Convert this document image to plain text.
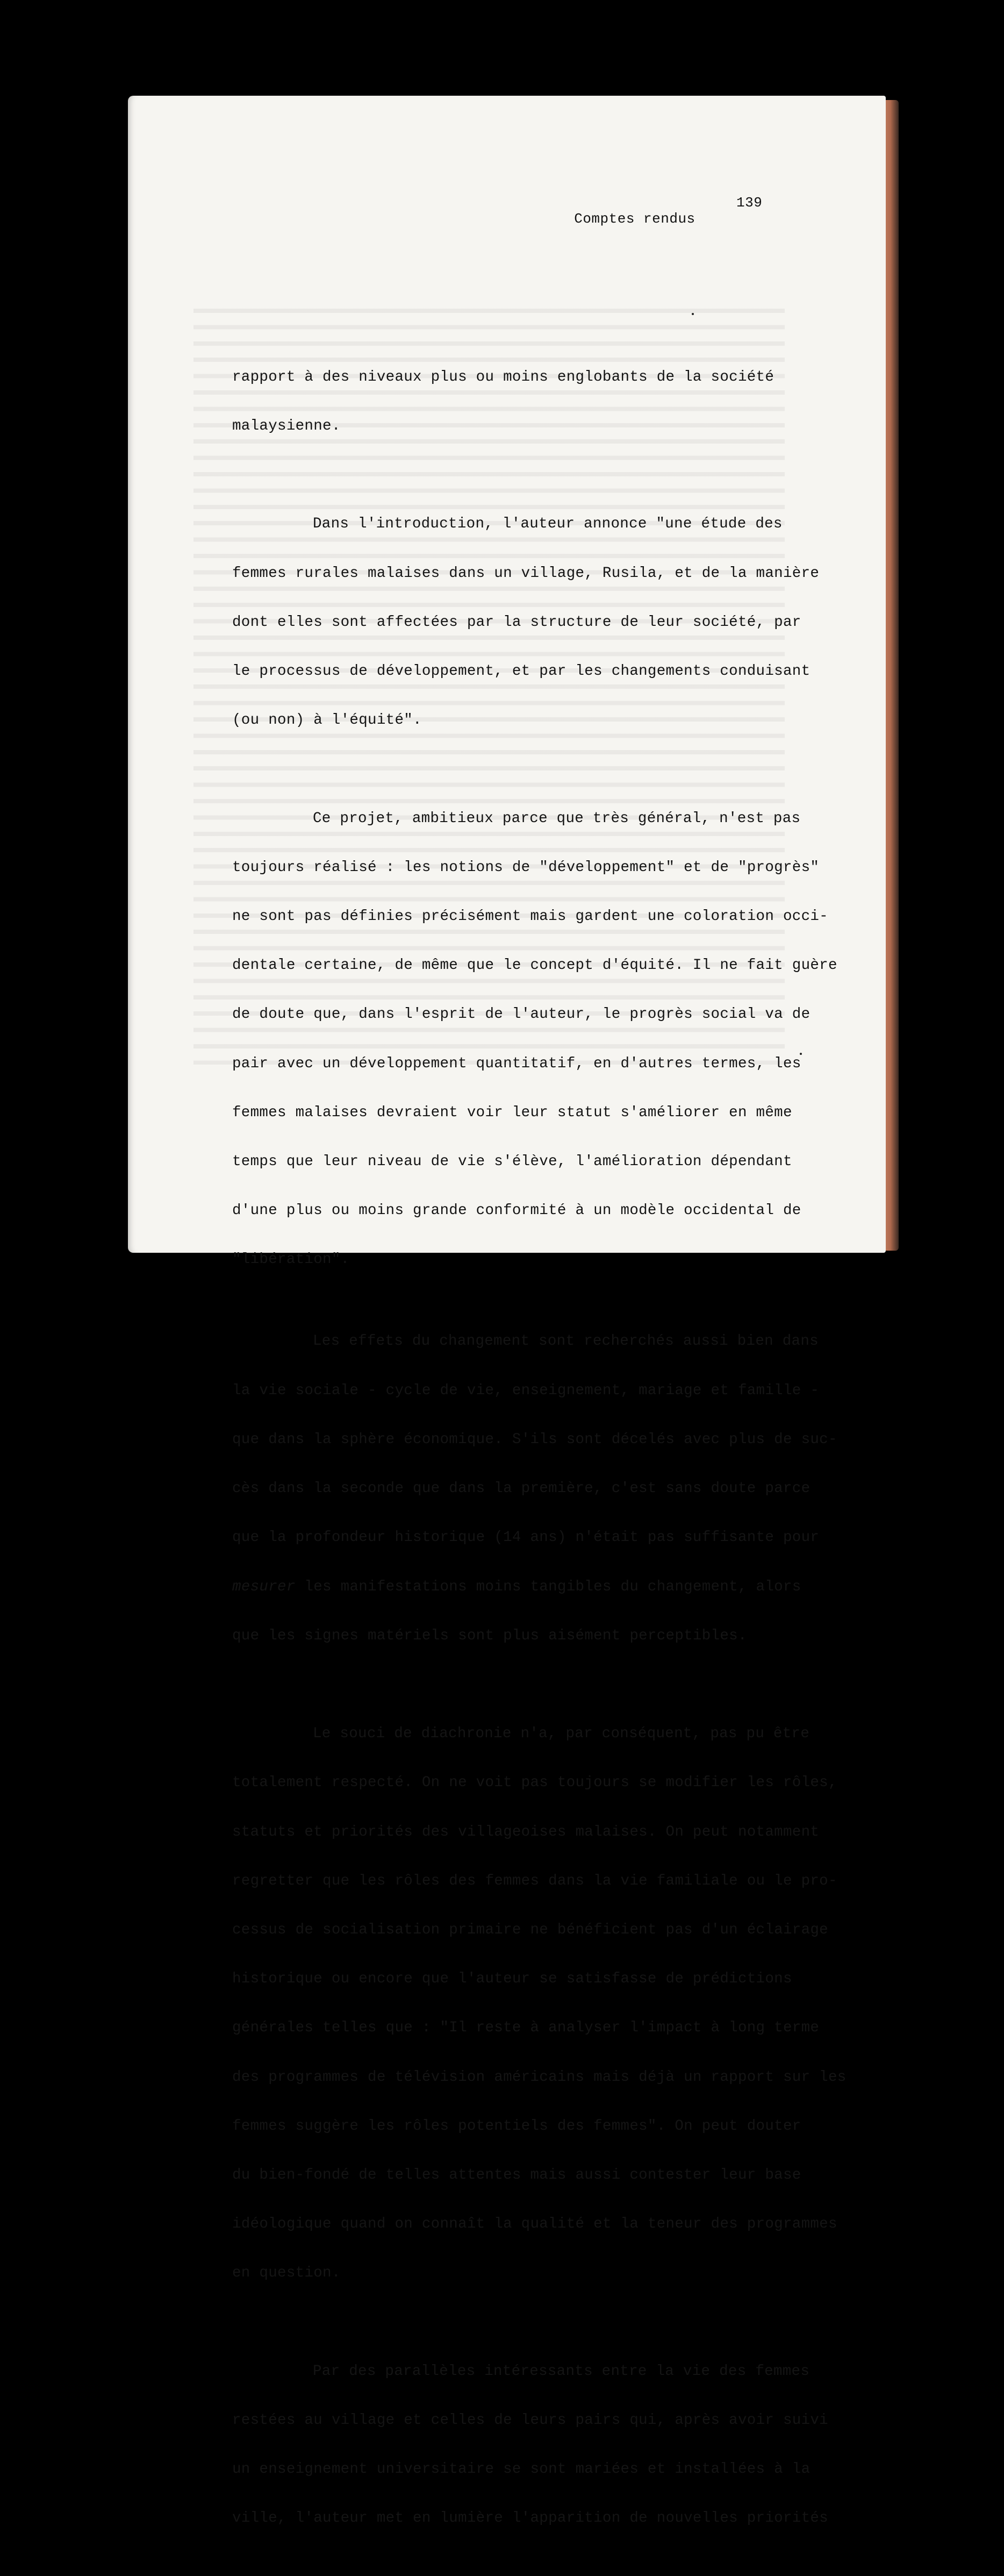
Comptes rendus

139

rapport à des niveaux plus ou moins englobants de la société

malaysienne.

Dans l'introduction, l'auteur annonce "une étude des

femmes rurales malaises dans un village, Rusila, et de la manière

dont elles sont affectées par la structure de leur société, par

le processus de développement, et par les changements conduisant

(ou non) à l'équité".

Ce projet, ambitieux parce que très général, n'est pas

toujours réalisé : les notions de "développement" et de "progrès"

ne sont pas définies précisément mais gardent une coloration occi-

dentale certaine, de même que le concept d'équité. Il ne fait guère

de doute que, dans l'esprit de l'auteur, le progrès social va de

pair avec un développement quantitatif, en d'autres termes, les

femmes malaises devraient voir leur statut s'améliorer en même

temps que leur niveau de vie s'élève, l'amélioration dépendant

d'une plus ou moins grande conformité à un modèle occidental de

"libération".

Les effets du changement sont recherchés aussi bien dans

la vie sociale - cycle de vie, enseignement, mariage et famille -

que dans la sphère économique. S'ils sont décelés avec plus de suc-

cès dans la seconde que dans la première, c'est sans doute parce

que la profondeur historique (14 ans) n'était pas suffisante pour

mesurer les manifestations moins tangibles du changement, alors

que les signes matériels sont plus aisément perceptibles.

Le souci de diachronie n'a, par conséquent, pas pu être

totalement respecté. On ne voit pas toujours se modifier les rôles,

statuts et priorités des villageoises malaises. On peut notamment

regretter que les rôles des femmes dans la vie familiale ou le pro-

cessus de socialisation primaire ne bénéficient pas d'un éclairage

historique ou encore que l'auteur se satisfasse de prédictions

générales telles que : "Il reste à analyser l'impact à long terme

des programmes de télévision américains mais déjà un rapport sur les

femmes suggère les rôles potentiels des femmes". On peut douter

du bien-fondé de telles attentes mais aussi contester leur base

idéologique quand on connaît la qualité et la teneur des programmes

en question.

Par des parallèles intéressants entre la vie des femmes

restées au village et celles de leurs pairs qui, après avoir suivi

un enseignement universitaire se sont mariées et installées à la

ville, l'auteur met en lumière l'apparition de nouvelles priorités
